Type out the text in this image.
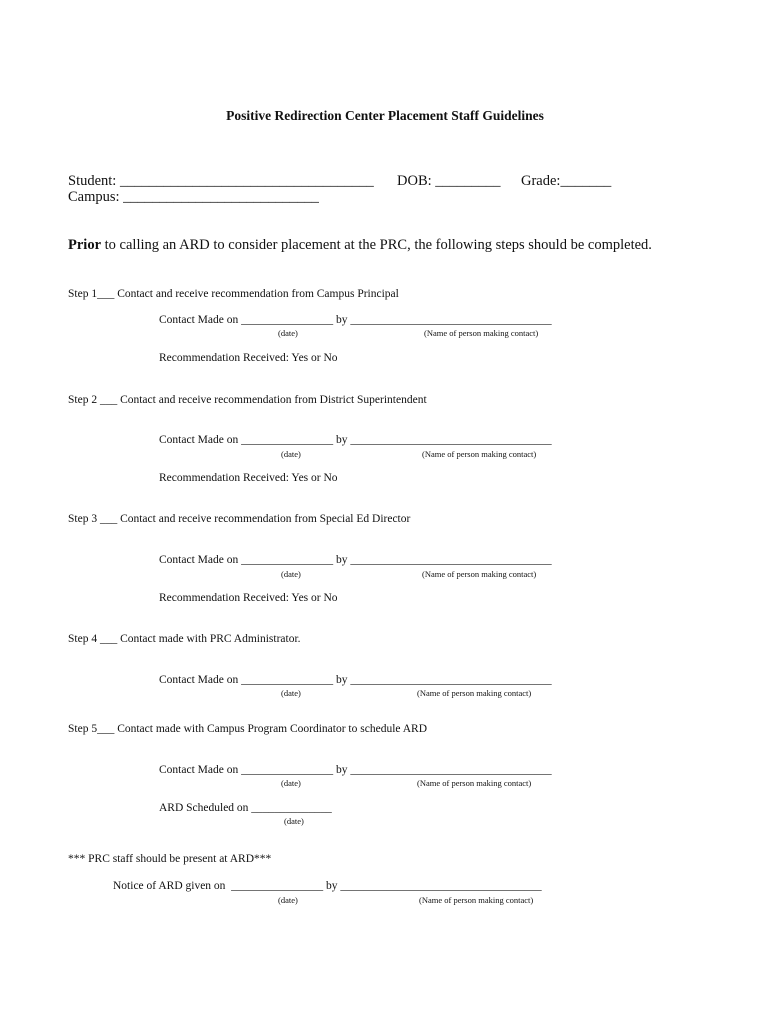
Positive Redirection Center Placement Staff Guidelines
Student: ___________________________________ DOB: _________ Grade:_______
Campus: ___________________________
Prior to calling an ARD to consider placement at the PRC, the following steps should be completed.
Step 1___ Contact and receive recommendation from Campus Principal
Contact Made on ________________ by ___________________________________
(date)	(Name of person making contact)
Recommendation Received: Yes or No
Step 2 ___ Contact and receive recommendation from District Superintendent
Contact Made on ________________ by ___________________________________
(date)	(Name of person making contact)
Recommendation Received: Yes or No
Step 3 ___ Contact and receive recommendation from Special Ed Director
Contact Made on ________________ by ___________________________________
(date)	(Name of person making contact)
Recommendation Received: Yes or No
Step 4 ___ Contact made with PRC Administrator.
Contact Made on ________________ by ___________________________________
(date)	(Name of person making contact)
Step 5___ Contact made with Campus Program Coordinator to schedule ARD
Contact Made on ________________ by ___________________________________
(date)	(Name of person making contact)
ARD Scheduled on ______________
(date)
*** PRC staff should be present at ARD***
Notice of ARD given on  ________________ by ___________________________________
(date)	(Name of person making contact)
